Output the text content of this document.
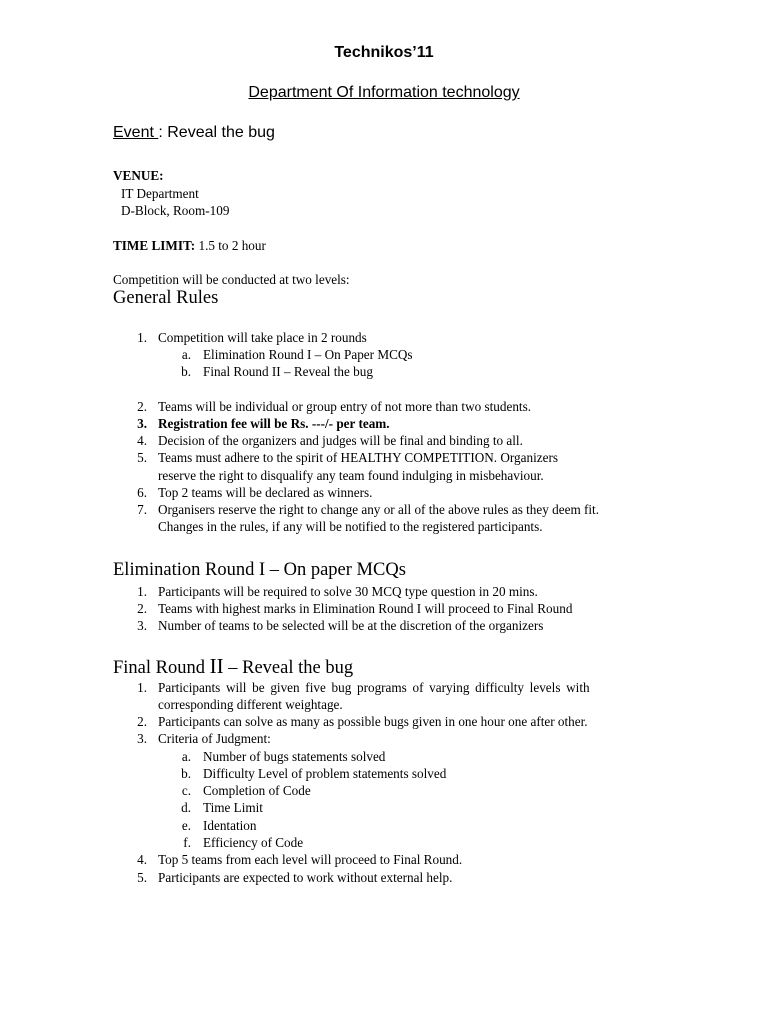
Technikos’11
Department Of Information technology
Event : Reveal the bug
VENUE:
IT Department
D-Block, Room-109
TIME LIMIT: 1.5 to 2 hour
Competition will be conducted at two levels:
General Rules
1. Competition will take place in 2 rounds
a. Elimination Round I – On Paper MCQs
b. Final Round II – Reveal the bug
2. Teams will be individual or group entry of not more than two students.
3. Registration fee will be Rs. ---/- per team.
4. Decision of the organizers and judges will be final and binding to all.
5. Teams must adhere to the spirit of HEALTHY COMPETITION. Organizers
reserve the right to disqualify any team found indulging in misbehaviour.
6. Top 2 teams will be declared as winners.
7. Organisers reserve the right to change any or all of the above rules as they deem fit.
Changes in the rules, if any will be notified to the registered participants.
Elimination Round I – On paper MCQs
1. Participants will be required to solve 30 MCQ type question in 20 mins.
2. Teams with highest marks in Elimination Round I will proceed to Final Round
3. Number of teams to be selected will be at the discretion of the organizers
Final Round II – Reveal the bug
1. Participants will be given five bug programs of varying difficulty levels with
corresponding different weightage.
2. Participants can solve as many as possible bugs given in one hour one after other.
3. Criteria of Judgment:
a. Number of bugs statements solved
b. Difficulty Level of problem statements solved
c. Completion of Code
d. Time Limit
e. Identation
f. Efficiency of Code
4. Top 5 teams from each level will proceed to Final Round.
5. Participants are expected to work without external help.
